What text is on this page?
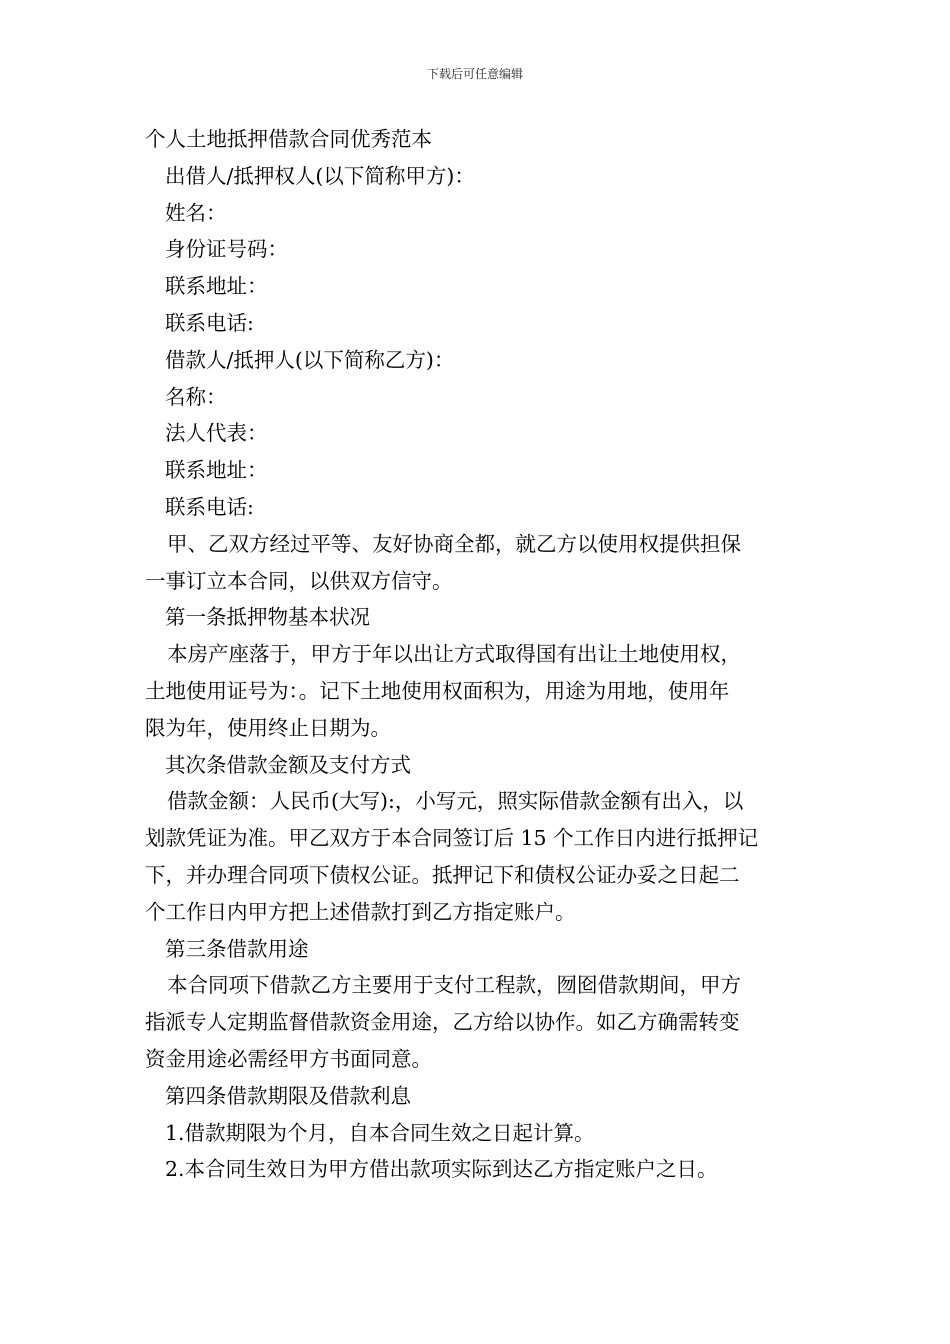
下载后可任意编辑
个人土地抵押借款合同优秀范本
出借人/抵押权人(以下简称甲方)：
姓名：
身份证号码：
联系地址：
联系电话:
借款人/抵押人(以下简称乙方)：
名称：
法人代表：
联系地址：
联系电话:
甲、乙双方经过平等、友好协商全都，就乙方以使用权提供担保
一事订立本合同，以供双方信守。
第一条抵押物基本状况
本房产座落于，甲方于年以出让方式取得国有出让土地使用权，
土地使用证号为：。记下土地使用权面积为，用途为用地，使用年
限为年，使用终止日期为。
其次条借款金额及支付方式
借款金额：人民币(大写):，小写元，照实际借款金额有出入，以
划款凭证为准。甲乙双方于本合同签订后 15 个工作日内进行抵押记
下，并办理合同项下债权公证。抵押记下和债权公证办妥之日起二
个工作日内甲方把上述借款打到乙方指定账户。
第三条借款用途
本合同项下借款乙方主要用于支付工程款，囫囵借款期间，甲方
指派专人定期监督借款资金用途，乙方给以协作。如乙方确需转变
资金用途必需经甲方书面同意。
第四条借款期限及借款利息
1.借款期限为个月，自本合同生效之日起计算。
2.本合同生效日为甲方借出款项实际到达乙方指定账户之日。
